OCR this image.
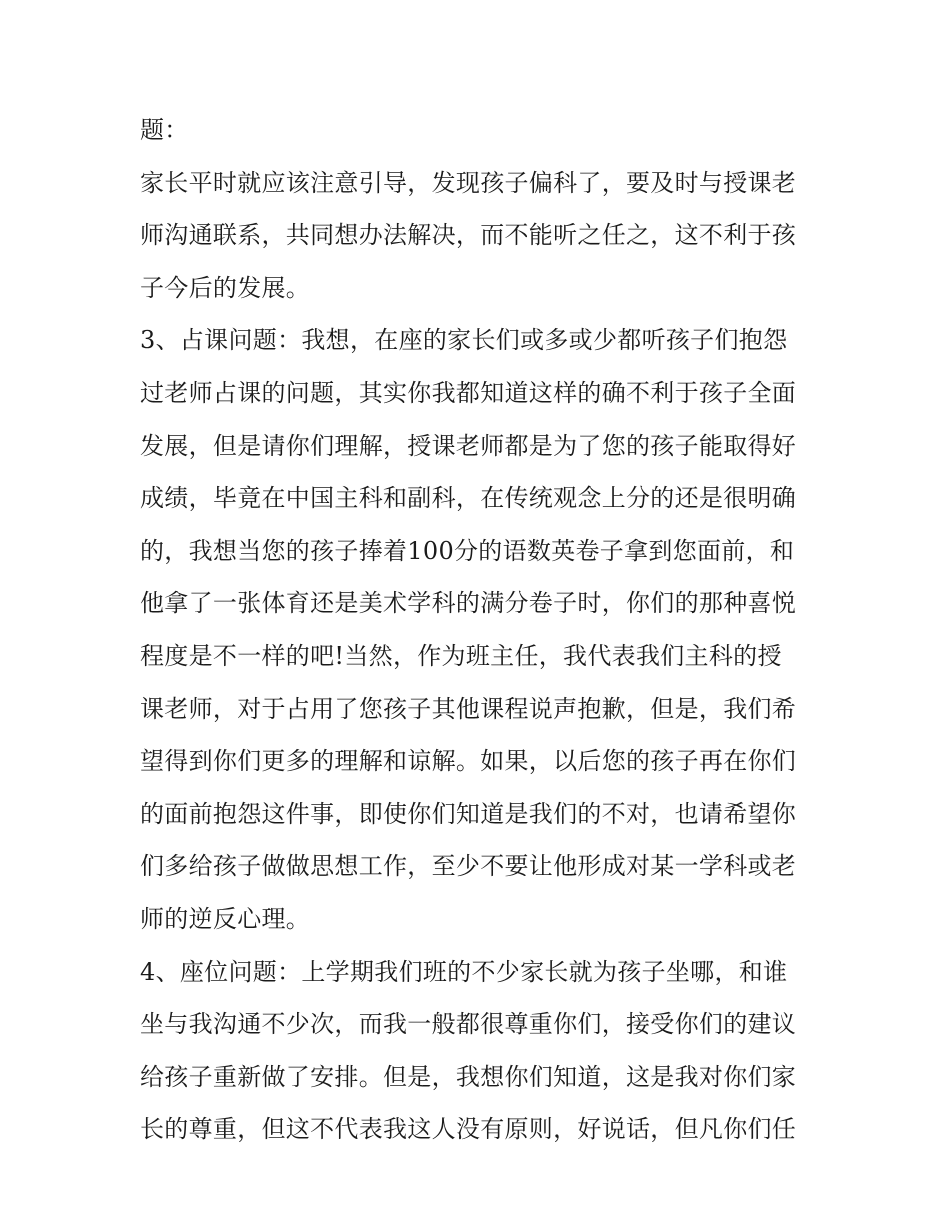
题：
家长平时就应该注意引导，发现孩子偏科了，要及时与授课老
师沟通联系，共同想办法解决，而不能听之任之，这不利于孩
子今后的发展。
3、占课问题：我想，在座的家长们或多或少都听孩子们抱怨
过老师占课的问题，其实你我都知道这样的确不利于孩子全面
发展，但是请你们理解，授课老师都是为了您的孩子能取得好
成绩，毕竟在中国主科和副科，在传统观念上分的还是很明确
的，我想当您的孩子捧着100分的语数英卷子拿到您面前，和
他拿了一张体育还是美术学科的满分卷子时，你们的那种喜悦
程度是不一样的吧!当然，作为班主任，我代表我们主科的授
课老师，对于占用了您孩子其他课程说声抱歉，但是，我们希
望得到你们更多的理解和谅解。如果，以后您的孩子再在你们
的面前抱怨这件事，即使你们知道是我们的不对，也请希望你
们多给孩子做做思想工作，至少不要让他形成对某一学科或老
师的逆反心理。
4、座位问题：上学期我们班的不少家长就为孩子坐哪，和谁
坐与我沟通不少次，而我一般都很尊重你们，接受你们的建议
给孩子重新做了安排。但是，我想你们知道，这是我对你们家
长的尊重，但这不代表我这人没有原则，好说话，但凡你们任
